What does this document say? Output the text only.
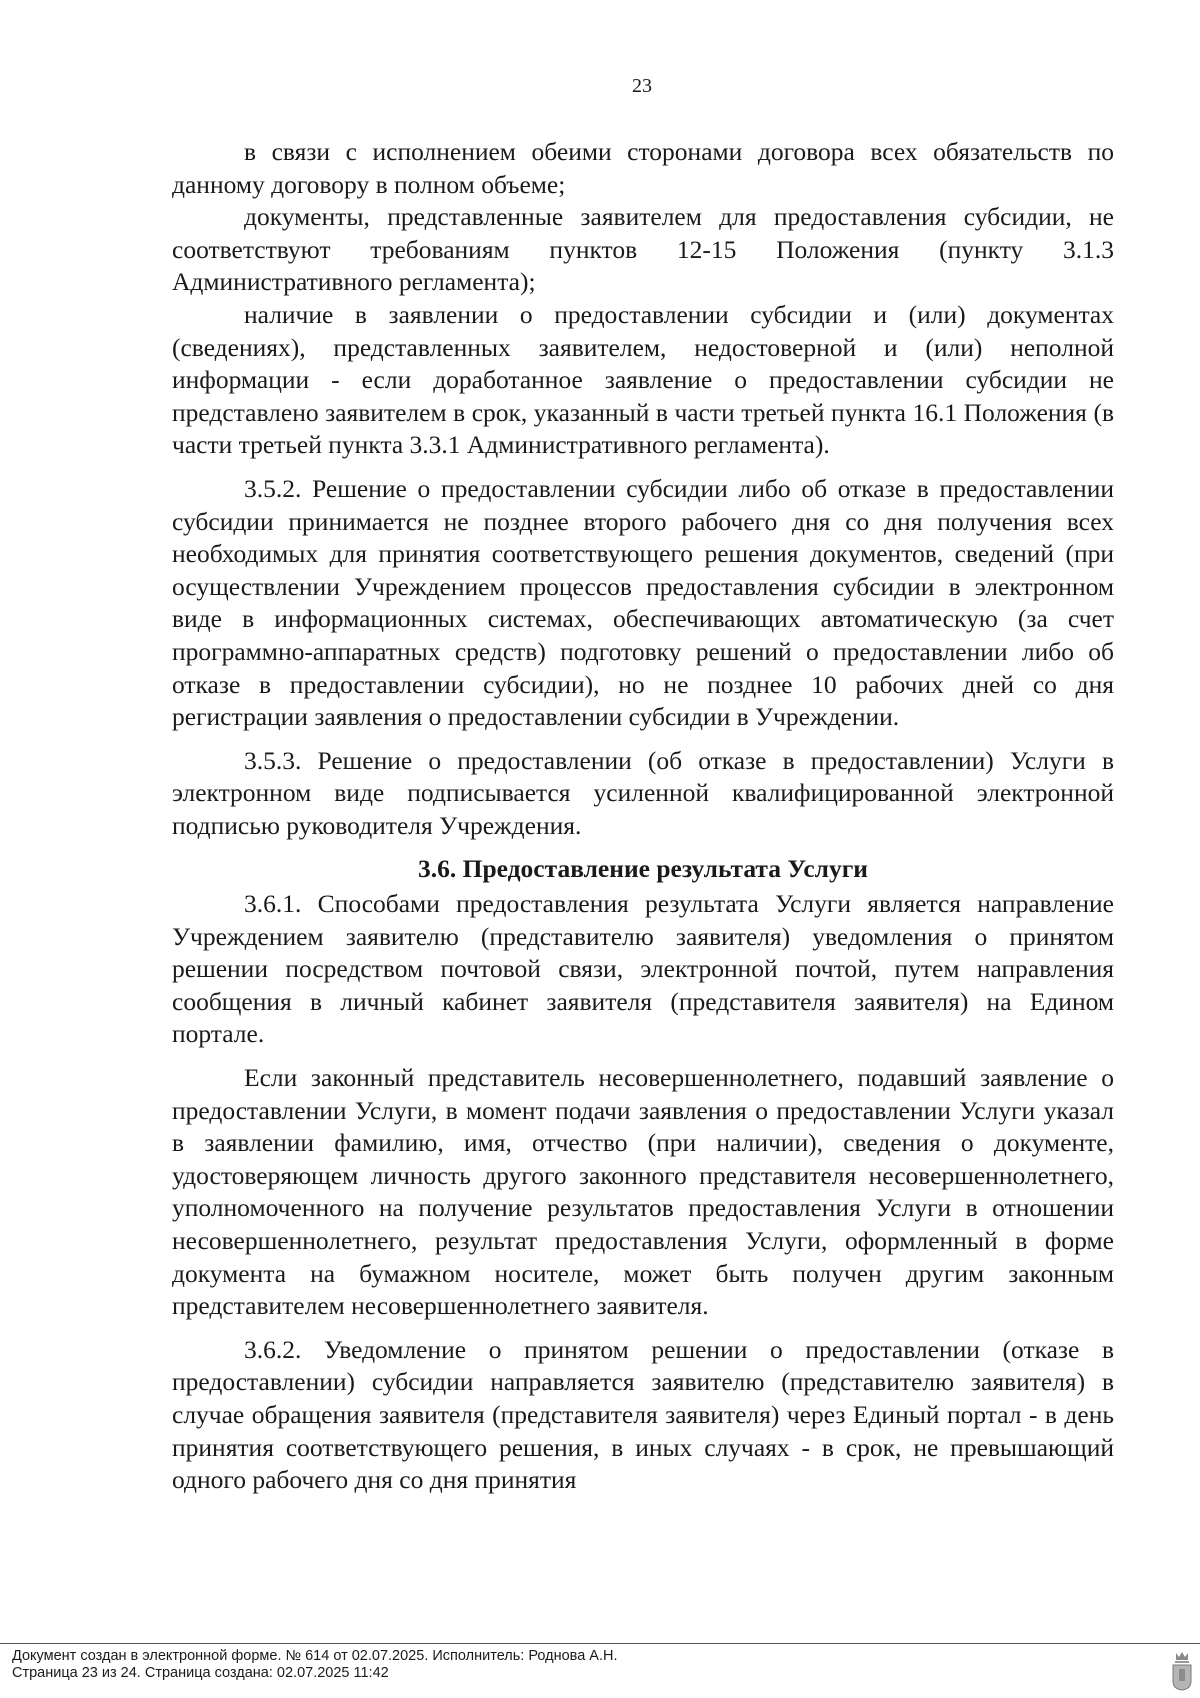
23

в связи с исполнением обеими сторонами договора всех обязательств по данному договору в полном объеме;

документы, представленные заявителем для предоставления субсидии, не соответствуют требованиям пунктов 12-15 Положения (пункту 3.1.3 Административного регламента);

наличие в заявлении о предоставлении субсидии и (или) документах (сведениях), представленных заявителем, недостоверной и (или) неполной информации - если доработанное заявление о предоставлении субсидии не представлено заявителем в срок, указанный в части третьей пункта 16.1 Положения (в части третьей пункта 3.3.1 Административного регламента).

3.5.2. Решение о предоставлении субсидии либо об отказе в предоставлении субсидии принимается не позднее второго рабочего дня со дня получения всех необходимых для принятия соответствующего решения документов, сведений (при осуществлении Учреждением процессов предоставления субсидии в электронном виде в информационных системах, обеспечивающих автоматическую (за счет программно-аппаратных средств) подготовку решений о предоставлении либо об отказе в предоставлении субсидии), но не позднее 10 рабочих дней со дня регистрации заявления о предоставлении субсидии в Учреждении.

3.5.3. Решение о предоставлении (об отказе в предоставлении) Услуги в электронном виде подписывается усиленной квалифицированной электронной подписью руководителя Учреждения.

3.6. Предоставление результата Услуги

3.6.1. Способами предоставления результата Услуги является направление Учреждением заявителю (представителю заявителя) уведомления о принятом решении посредством почтовой связи, электронной почтой, путем направления сообщения в личный кабинет заявителя (представителя заявителя) на Едином портале.

Если законный представитель несовершеннолетнего, подавший заявление о предоставлении Услуги, в момент подачи заявления о предоставлении Услуги указал в заявлении фамилию, имя, отчество (при наличии), сведения о документе, удостоверяющем личность другого законного представителя несовершеннолетнего, уполномоченного на получение результатов предоставления Услуги в отношении несовершеннолетнего, результат предоставления Услуги, оформленный в форме документа на бумажном носителе, может быть получен другим законным представителем несовершеннолетнего заявителя.

3.6.2. Уведомление о принятом решении о предоставлении (отказе в предоставлении) субсидии направляется заявителю (представителю заявителя) в случае обращения заявителя (представителя заявителя) через Единый портал - в день принятия соответствующего решения, в иных случаях - в срок, не превышающий одного рабочего дня со дня принятия

Документ создан в электронной форме. № 614 от 02.07.2025. Исполнитель: Роднова А.Н.
Страница 23 из 24. Страница создана: 02.07.2025 11:42
